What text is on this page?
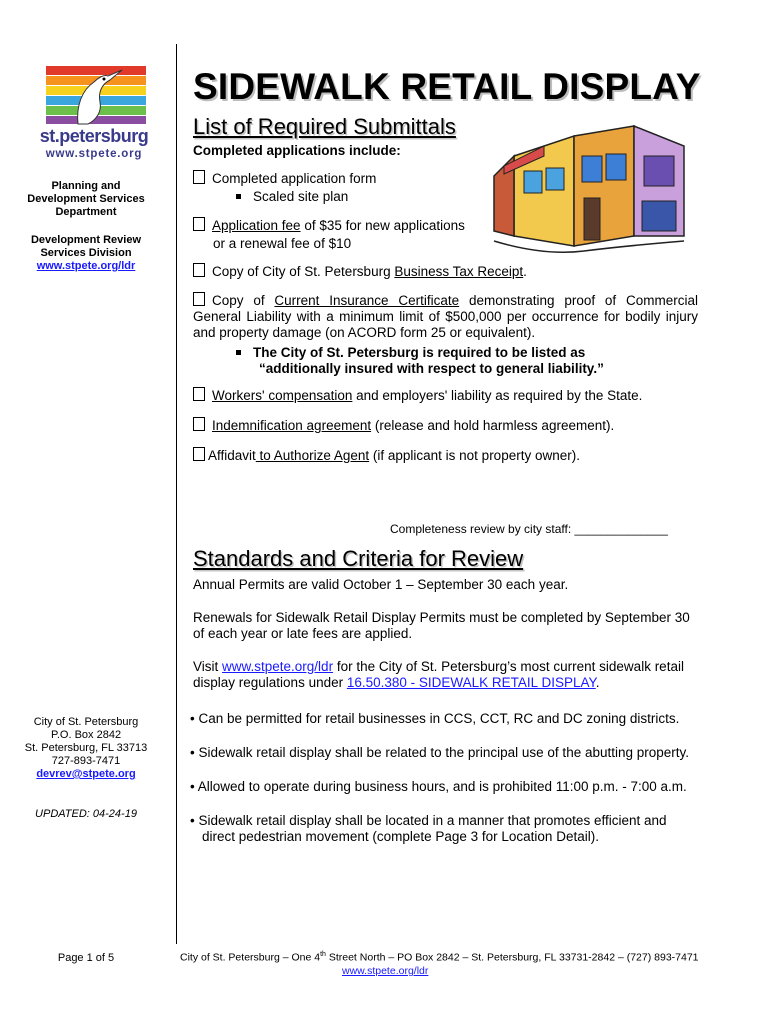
st.petersburg
www.stpete.org
Planning and
Development Services
Department
Development Review
Services Division
www.stpete.org/ldr
City of St. Petersburg
P.O. Box 2842
St. Petersburg, FL 33713
727-893-7471
devrev@stpete.org
UPDATED: 04-24-19
Page 1 of 5
SIDEWALK RETAIL DISPLAY
List of Required Submittals
Completed applications include:
Completed application form
Scaled site plan
Application fee of $35 for new applications
or a renewal fee of $10
Copy of City of St. Petersburg Business Tax Receipt.
Copy of Current Insurance Certificate demonstrating proof of Commercial General Liability with a minimum limit of $500,000 per occurrence for bodily injury and property damage (on ACORD form 25 or equivalent).
The City of St. Petersburg is required to be listed as
“additionally insured with respect to general liability.”
Workers' compensation and employers' liability as required by the State.
Indemnification agreement (release and hold harmless agreement).
Affidavit to Authorize Agent (if applicant is not property owner).
Completeness review by city staff: ______________
Standards and Criteria for Review
Annual Permits are valid October 1 – September 30 each year.
Renewals for Sidewalk Retail Display Permits must be completed by September 30 of each year or late fees are applied.
Visit www.stpete.org/ldr for the City of St. Petersburg’s most current sidewalk retail display regulations under 16.50.380 - SIDEWALK RETAIL DISPLAY.
• Can be permitted for retail businesses in CCS, CCT, RC and DC zoning districts.
• Sidewalk retail display shall be related to the principal use of the abutting property.
• Allowed to operate during business hours, and is prohibited 11:00 p.m. - 7:00 a.m.
• Sidewalk retail display shall be located in a manner that promotes efficient and direct pedestrian movement (complete Page 3 for Location Detail).
City of St. Petersburg – One 4th Street North – PO Box 2842 – St. Petersburg, FL 33731-2842 – (727) 893-7471
www.stpete.org/ldr
